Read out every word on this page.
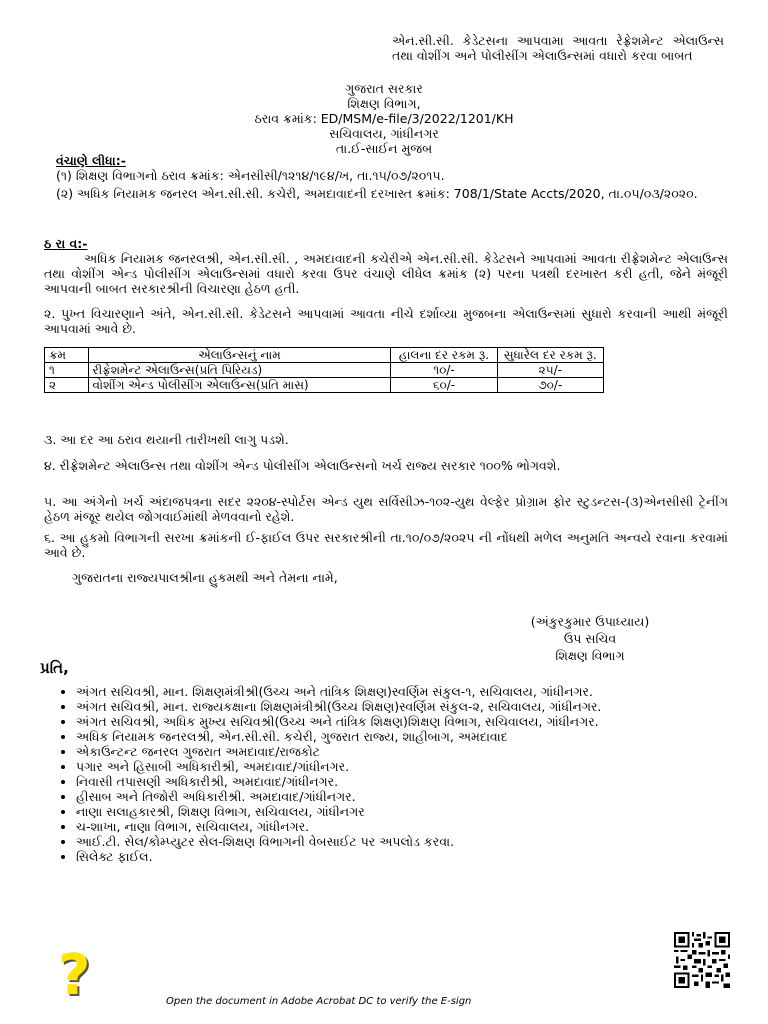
એન.સી.સી. કેડેટસના આપવામા આવતા રેફ્રેશમેન્ટ એલાઉન્સ તથા વોશીંગ અને પોલીસીંગ એલાઉન્સમાં વધારો કરવા બાબત
ગુજરાત સરકાર
શિક્ષણ વિભાગ,
ઠરાવ ક્રમાંક: ED/MSM/e-file/3/2022/1201/KH
સચિવાલય, ગાંધીનગર
તા.ઈ-સાઈન મુજબ
વંચાણે લીધા:-
(૧) શિક્ષણ વિભાગનો ઠરાવ ક્રમાંક: એનસીસી/૧૨૧૪/૧૯૪/ખ, તા.૧૫/૦૭/૨૦૧૫.
(૨) અધિક નિયામક જનરલ એન.સી.સી. કચેરી, અમદાવાદની દરખાસ્ત ક્રમાંક: 708/1/State Accts/2020, તા.૦૫/૦૩/૨૦૨૦.
ઠ રા વ:-
અધિક નિયામક જનરલશ્રી, એન.સી.સી. , અમદાવાદની કચેરીએ એન.સી.સી. કેડેટસને આપવામાં આવતા રીફ્રેશમેન્ટ એલાઉન્સ તથા વોશીંગ એન્ડ પોલીસીંગ એલાઉન્સમાં વધારો કરવા ઉપર વંચાણે લીધેલ ક્રમાંક (૨) પરના પત્રથી દરખાસ્ત કરી હતી, જેને મંજૂરી આપવાની બાબત સરકારશ્રીની વિચારણા હેઠળ હતી.
૨. પુખ્ત વિચારણાને અંતે, એન.સી.સી. કેડેટસને આપવામાં આવતા નીચે દર્શાવ્યા મુજબના એલાઉન્સમાં સુધારો કરવાની આથી મંજૂરી આપવામાં આવે છે.
ક્રમ	એલાઉન્સનું નામ	હાલના દર રકમ રૂ.	સુધારેલ દર રકમ રૂ.
૧	રીફ્રેશમેન્ટ એલાઉન્સ(પ્રતિ પિરિયડ)	૧૦/-	૨૫/-
૨	વોશીંગ એન્ડ પોલીસીંગ એલાઉન્સ(પ્રતિ માસ)	૬૦/-	૭૦/-
૩. આ દર આ ઠરાવ થયાની તારીખથી લાગુ પડશે.
૪. રીફ્રેશમેન્ટ એલાઉન્સ તથા વોશીંગ એન્ડ પોલીસીંગ એલાઉન્સનો ખર્ચ રાજ્ય સરકાર ૧૦૦% ભોગવશે.
૫. આ અંગેનો ખર્ચ અંદાજપત્રના સદર ૨૨૦૪-સ્પોર્ટસ એન્ડ યુથ સર્વિસીઝ-૧૦૨-યુથ વેલ્ફેર પ્રોગ્રામ ફોર સ્ટુડન્ટસ-(૩)એનસીસી ટ્રેનીંગ હેઠળ મંજૂર થયેલ જોગવાઈમાંથી મેળવવાનો રહેશે.
૬. આ હુકમો વિભાગની સરખા ક્રમાંકની ઈ-ફાઈલ ઉપર સરકારશ્રીની તા.૧૦/૦૭/૨૦૨૫ ની નોંધથી મળેલ અનુમતિ અન્વયે રવાના કરવામાં આવે છે.
ગુજરાતના રાજ્યપાલશ્રીના હુકમથી અને તેમના નામે,
(અંકુરકુમાર ઉપાધ્યાય)
ઉપ સચિવ
શિક્ષણ વિભાગ
પ્રતિ,
• અંગત સચિવશ્રી, માન. શિક્ષણમંત્રીશ્રી(ઉચ્ચ અને તાંત્રિક શિક્ષણ)સ્વર્ણિમ સંકુલ-૧, સચિવાલય, ગાંધીનગર.
• અંગત સચિવશ્રી, માન. રાજ્યકક્ષાના શિક્ષણમંત્રીશ્રી(ઉચ્ચ શિક્ષણ)સ્વર્ણિમ સંકુલ-૨, સચિવાલય, ગાંધીનગર.
• અંગત સચિવશ્રી, અધિક મુખ્ય સચિવશ્રી(ઉચ્ચ અને તાંત્રિક શિક્ષણ)શિક્ષણ વિભાગ, સચિવાલય, ગાંધીનગર.
• અધિક નિયામક જનરલશ્રી, એન.સી.સી. કચેરી, ગુજરાત રાજ્ય, શાહીબાગ, અમદાવાદ
• એકાઉન્ટન્ટ જનરલ ગુજરાત અમદાવાદ/રાજકોટ
• પગાર અને હિસાબી અધિકારીશ્રી, અમદાવાદ/ગાંધીનગર.
• નિવાસી તપાસણી અધિકારીશ્રી, અમદાવાદ/ગાંધીનગર.
• હીસાબ અને તિજોરી અધિકારીશ્રી. અમદાવાદ/ગાંધીનગર.
• નાણા સલાહકારશ્રી, શિક્ષણ વિભાગ, સચિવાલય, ગાંધીનગર
• ચ-શાખા, નાણા વિભાગ, સચિવાલય, ગાંધીનગર.
• આઈ.ટી. સેલ/કોમ્પ્યુટર સેલ-શિક્ષણ વિભાગની વેબસાઈટ પર અપલોડ કરવા.
• સિલેક્ટ ફાઈલ.
?	Open the document in Adobe Acrobat DC to verify the E-sign
